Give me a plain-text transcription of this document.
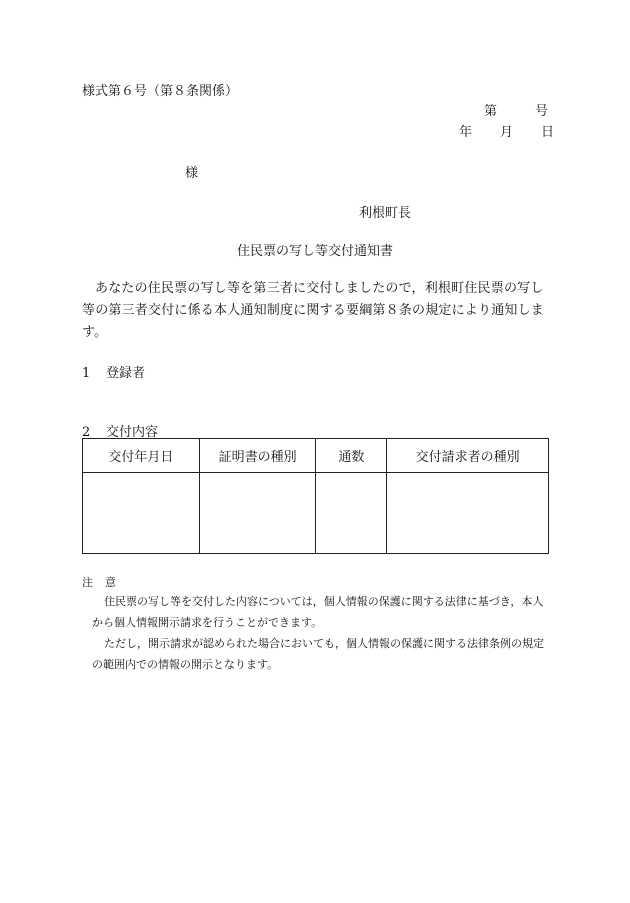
様式第６号（第８条関係）
第	号
年 月 日
様
利根町長
住民票の写し等交付通知書
あなたの住民票の写し等を第三者に交付しましたので，利根町住民票の写し等の第三者交付に係る本人通知制度に関する要綱第８条の規定により通知します。
1 登録者
2 交付内容
交付年月日	証明書の種別	通数	交付請求者の種別

注 意
住民票の写し等を交付した内容については，個人情報の保護に関する法律に基づき，本人から個人情報開示請求を行うことができます。
ただし，開示請求が認められた場合においても，個人情報の保護に関する法律条例の規定の範囲内での情報の開示となります。
